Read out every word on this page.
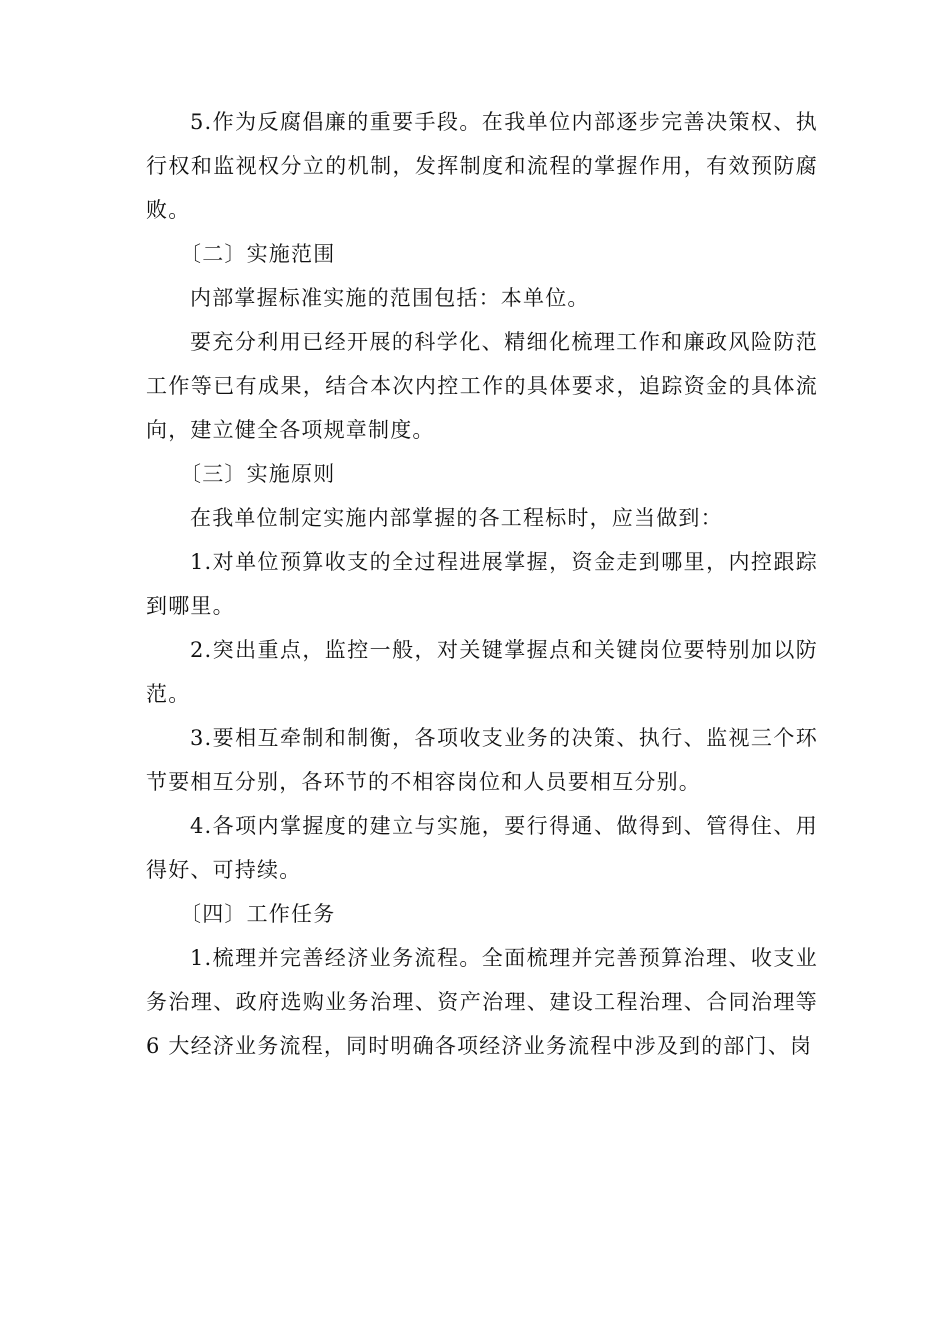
5.作为反腐倡廉的重要手段。在我单位内部逐步完善决策权、执行权和监视权分立的机制，发挥制度和流程的掌握作用，有效预防腐败。

〔二〕实施范围

内部掌握标准实施的范围包括：本单位。

要充分利用已经开展的科学化、精细化梳理工作和廉政风险防范工作等已有成果，结合本次内控工作的具体要求，追踪资金的具体流向，建立健全各项规章制度。

〔三〕实施原则

在我单位制定实施内部掌握的各工程标时，应当做到：

1.对单位预算收支的全过程进展掌握，资金走到哪里，内控跟踪到哪里。

2.突出重点，监控一般，对关键掌握点和关键岗位要特别加以防范。

3.要相互牵制和制衡，各项收支业务的决策、执行、监视三个环节要相互分别，各环节的不相容岗位和人员要相互分别。

4.各项内掌握度的建立与实施，要行得通、做得到、管得住、用得好、可持续。

〔四〕工作任务

1.梳理并完善经济业务流程。全面梳理并完善预算治理、收支业务治理、政府选购业务治理、资产治理、建设工程治理、合同治理等6 大经济业务流程，同时明确各项经济业务流程中涉及到的部门、岗
